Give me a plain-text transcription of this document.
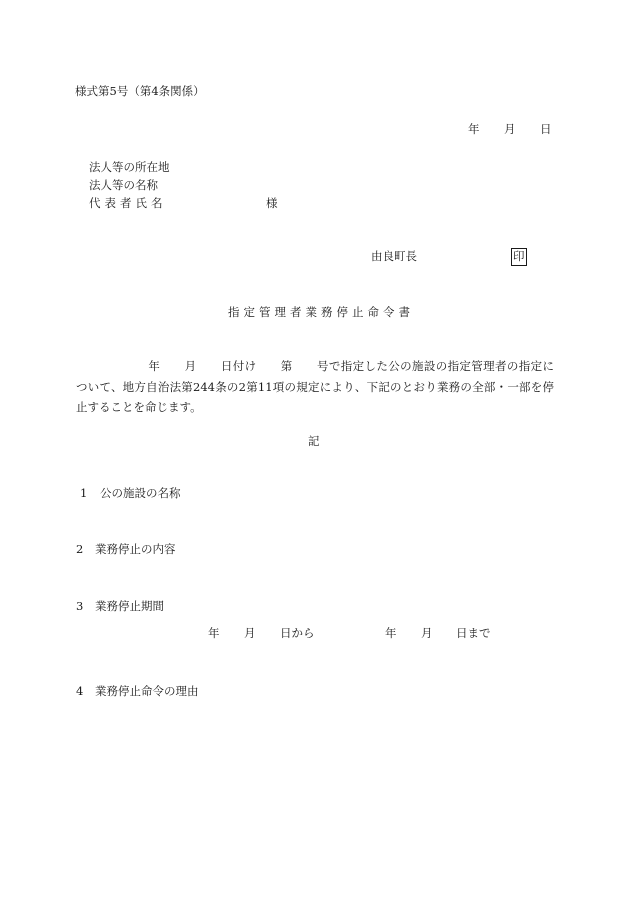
様式第5号（第4条関係）
年 月 日
法人等の所在地
法人等の名称
代表者氏名	様
由良町長	印
指定管理者業務停止命令書
年 月 日付け 第 号で指定した公の施設の指定管理者の指定について、地方自治法第244条の2第11項の規定により、下記のとおり業務の全部・一部を停止することを命じます。
記
1 公の施設の名称
2 業務停止の内容
3 業務停止期間
年 月 日から	年 月 日まで
4 業務停止命令の理由
